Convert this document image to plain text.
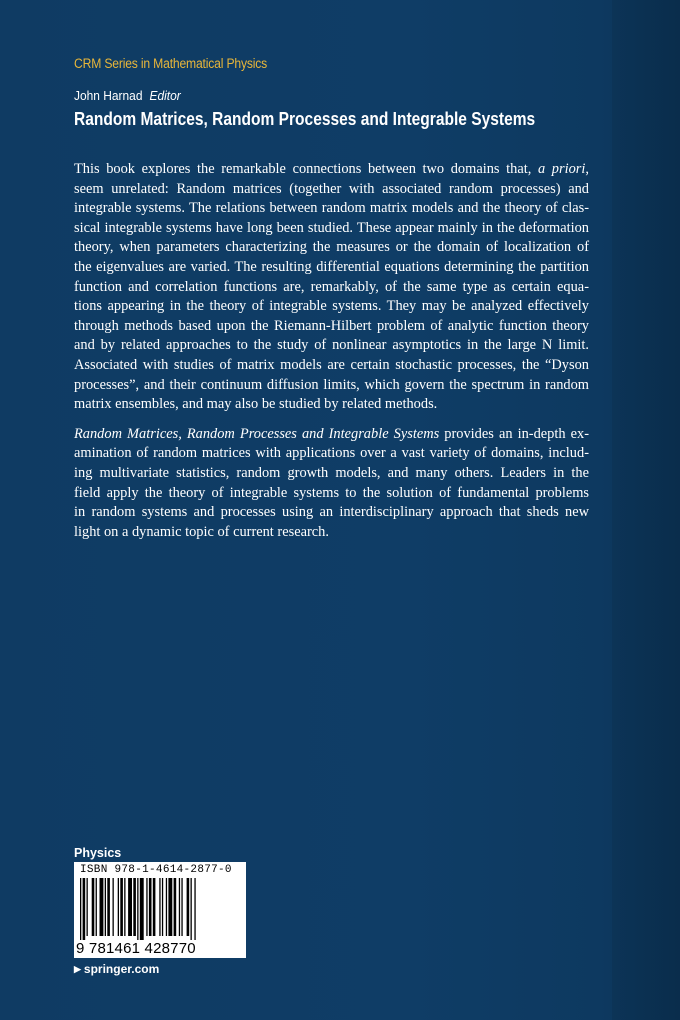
CRM Series in Mathematical Physics
John Harnad Editor
Random Matrices, Random Processes and Integrable Systems
This book explores the remarkable connections between two domains that, a priori,
seem unrelated: Random matrices (together with associated random processes) and
integrable systems. The relations between random matrix models and the theory of clas-
sical integrable systems have long been studied. These appear mainly in the deformation
theory, when parameters characterizing the measures or the domain of localization of
the eigenvalues are varied. The resulting differential equations determining the partition
function and correlation functions are, remarkably, of the same type as certain equa-
tions appearing in the theory of integrable systems. They may be analyzed effectively
through methods based upon the Riemann-Hilbert problem of analytic function theory
and by related approaches to the study of nonlinear asymptotics in the large N limit.
Associated with studies of matrix models are certain stochastic processes, the “Dyson
processes”, and their continuum diffusion limits, which govern the spectrum in random
matrix ensembles, and may also be studied by related methods.
Random Matrices, Random Processes and Integrable Systems provides an in-depth ex-
amination of random matrices with applications over a vast variety of domains, includ-
ing multivariate statistics, random growth models, and many others. Leaders in the
field apply the theory of integrable systems to the solution of fundamental problems
in random systems and processes using an interdisciplinary approach that sheds new
light on a dynamic topic of current research.
Physics
ISBN 978-1-4614-2877-0
9 781461 428770
▶ springer.com
